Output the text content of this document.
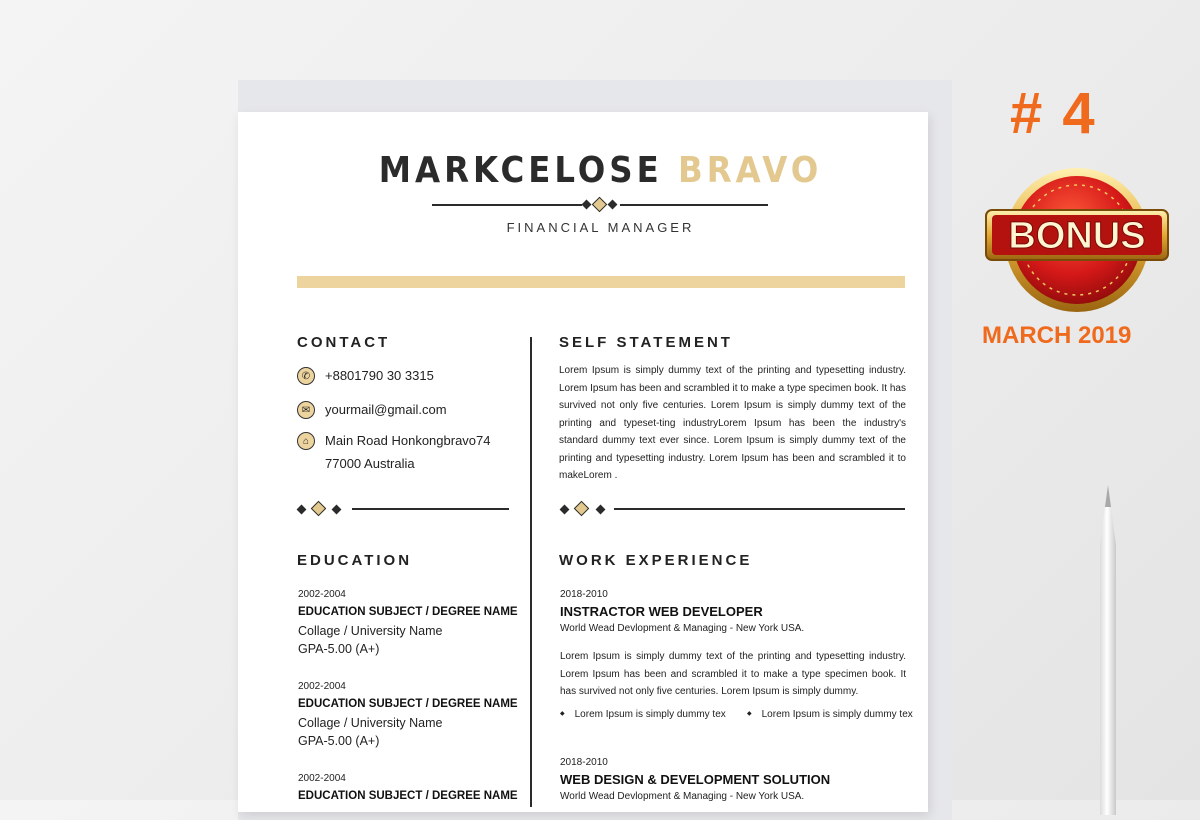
MARKCELOSE BRAVO
FINANCIAL MANAGER
CONTACT
✆	+8801790 30 3315
✉	yourmail@gmail.com
⌂	Main Road Honkongbravo74
77000 Australia
SELF STATEMENT
Lorem Ipsum is simply dummy text of the printing and typesetting industry. Lorem Ipsum has been and scrambled it to make a type specimen book. It has survived not only five centuries. Lorem Ipsum is simply dummy text of the printing and typeset-ting industryLorem Ipsum has been the industry's standard dummy text ever since. Lorem Ipsum is simply dummy text of the printing and typesetting industry. Lorem Ipsum has been and scrambled it to makeLorem .
EDUCATION
2002-2004
EDUCATION SUBJECT / DEGREE NAME
Collage / University Name
GPA-5.00 (A+)
2002-2004
EDUCATION SUBJECT / DEGREE NAME
Collage / University Name
GPA-5.00 (A+)
2002-2004
EDUCATION SUBJECT / DEGREE NAME
WORK EXPERIENCE
2018-2010
INSTRACTOR WEB DEVELOPER
World Wead Devlopment & Managing - New York USA.
Lorem Ipsum is simply dummy text of the printing and typesetting industry. Lorem Ipsum has been and scrambled it to make a type specimen book. It has survived not only five centuries. Lorem Ipsum is simply dummy.
◆ Lorem Ipsum is simply dummy tex
◆	Lorem Ipsum is simply dummy tex
2018-2010
WEB DESIGN & DEVELOPMENT SOLUTION
World Wead Devlopment & Managing - New York USA.
# 4
BONUS
MARCH 2019
